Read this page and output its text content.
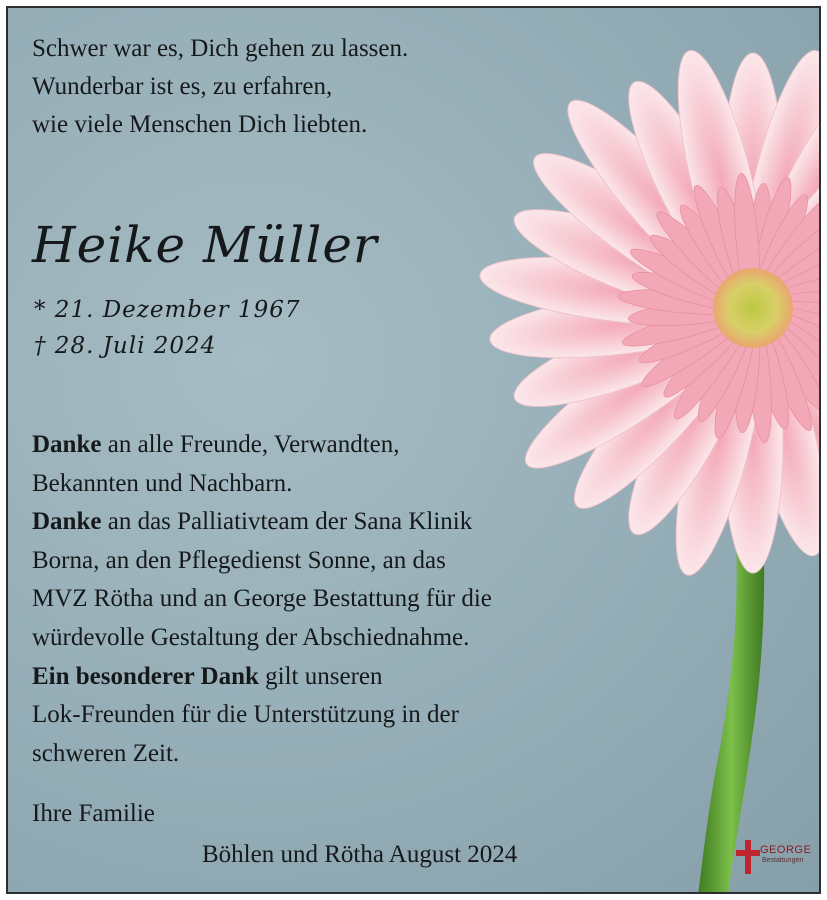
Schwer war es, Dich gehen zu lassen.
Wunderbar ist es, zu erfahren,
wie viele Menschen Dich liebten.
Heike Müller
* 21. Dezember 1967
† 28. Juli 2024
Danke an alle Freunde, Verwandten,
Bekannten und Nachbarn.
Danke an das Palliativteam der Sana Klinik
Borna, an den Pflegedienst Sonne, an das
MVZ Rötha und an George Bestattung für die
würdevolle Gestaltung der Abschiednahme.
Ein besonderer Dank gilt unseren
Lok-Freunden für die Unterstützung in der
schweren Zeit.
Ihre Familie
Böhlen und Rötha August 2024	GEORGE
Bestattungen
